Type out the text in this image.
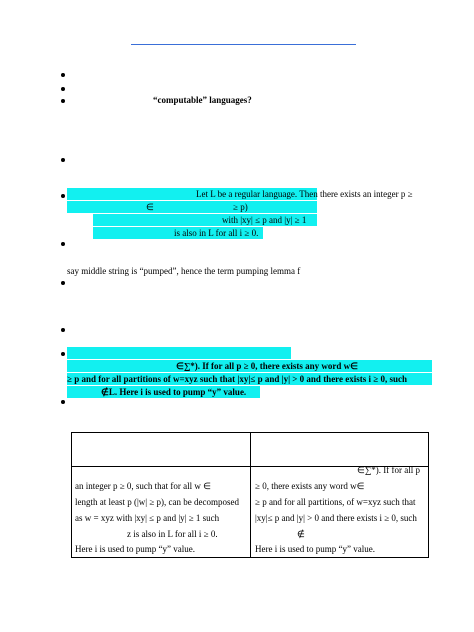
“computable” languages?
Let L be a regular language. Then there exists an integer p ≥
∈	≥ p)
with |xy| ≤ p and |y| ≥ 1
is also in L for all i ≥ 0.
say middle string is “pumped”, hence the term pumping lemma f
∈∑*). If for all p ≥ 0, there exists any word w∈
≥ p and for all partitions of w=xyz such that |xy|≤ p and |y| > 0 and there exists i ≥ 0, such
∉L. Here i is used to pump “y” value.
an integer p ≥ 0, such that for all w ∈
length at least p (|w| ≥ p), can be decomposed
as w = xyz with |xy| ≤ p and |y| ≥ 1 such
z is also in L for all i ≥ 0.
Here i is used to pump “y” value.
∈∑*). If for all p
≥ 0, there exists any word w∈
≥ p and for all partitions, of w=xyz such that
|xy|≤ p and |y| > 0 and there exists i ≥ 0, such
∉
Here i is used to pump “y” value.
